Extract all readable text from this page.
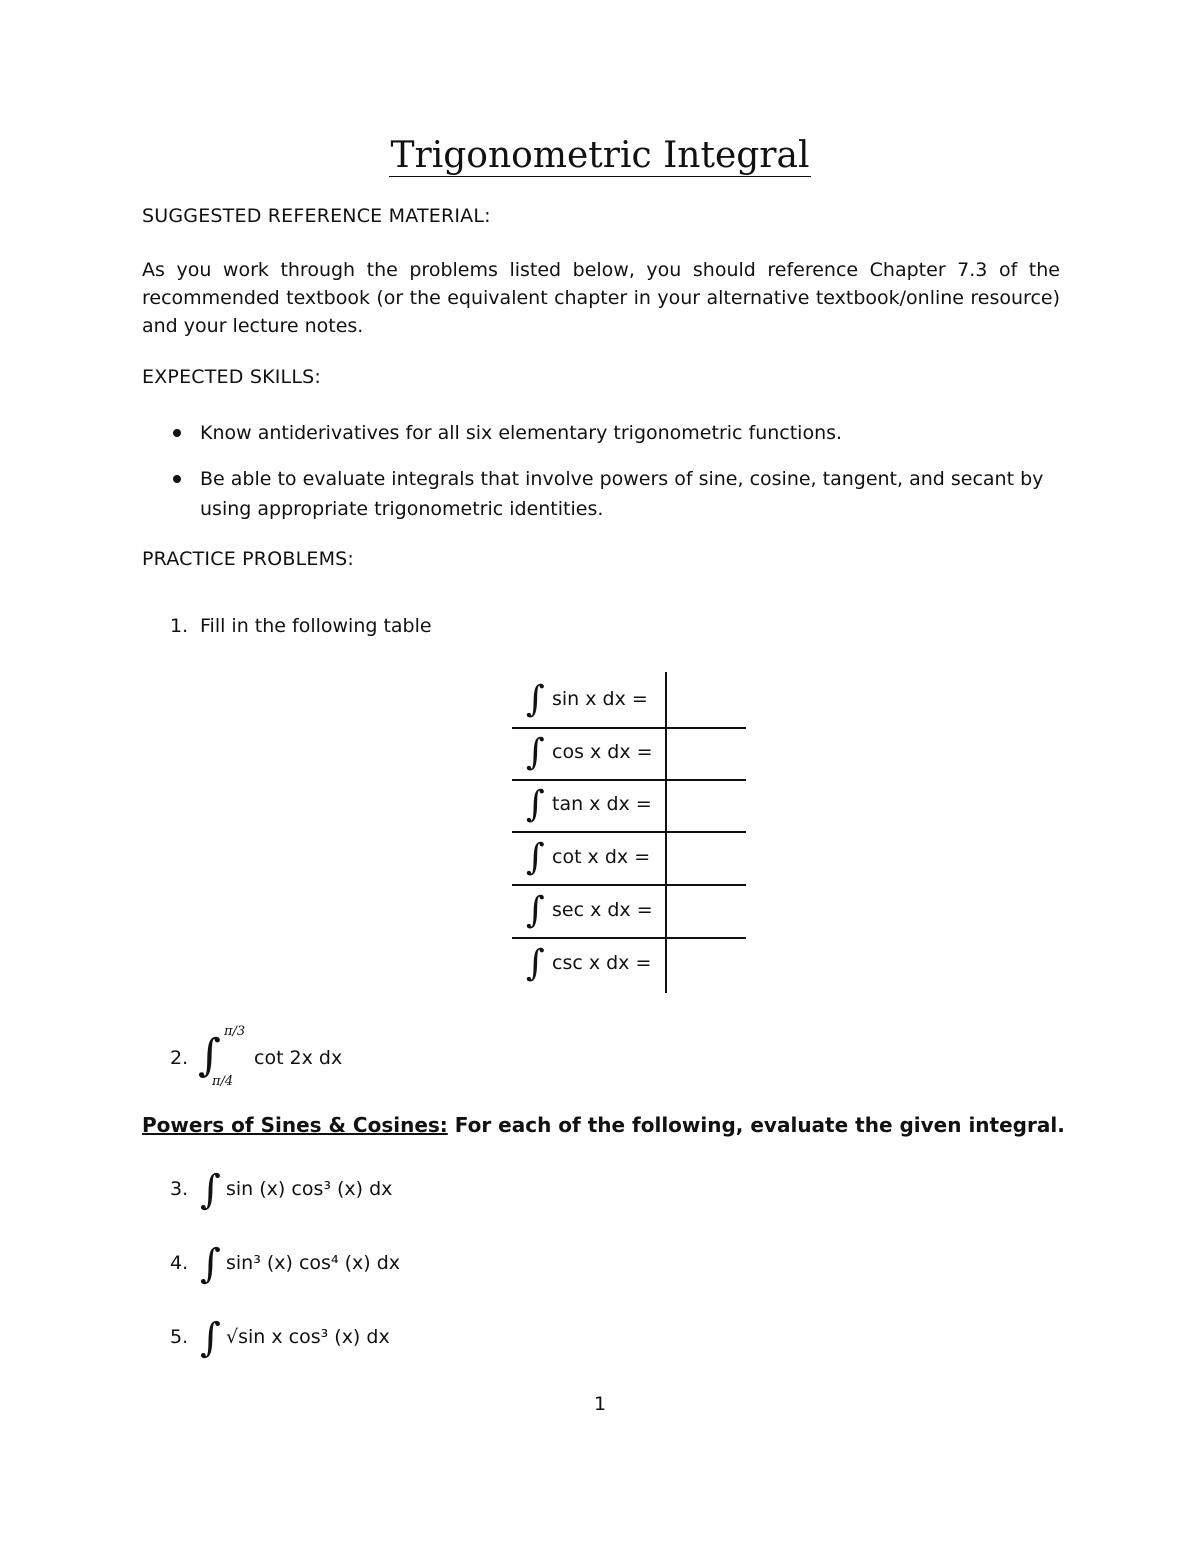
Trigonometric Integral
SUGGESTED REFERENCE MATERIAL:
As you work through the problems listed below, you should reference Chapter 7.3 of the recommended textbook (or the equivalent chapter in your alternative textbook/online resource) and your lecture notes.
EXPECTED SKILLS:
Know antiderivatives for all six elementary trigonometric functions.
Be able to evaluate integrals that involve powers of sine, cosine, tangent, and secant by using appropriate trigonometric identities.
PRACTICE PROBLEMS:
1. Fill in the following table
∫ sin x dx =
∫ cos x dx =
∫ tan x dx =
∫ cot x dx =
∫ sec x dx =
∫ csc x dx =
2. ∫ π/3
π/4
cot 2x dx
Powers of Sines & Cosines: For each of the following, evaluate the given integral.
3. ∫ sin (x) cos³ (x) dx
4. ∫ sin³ (x) cos⁴ (x) dx
5. ∫ √sin x cos³ (x) dx
1
